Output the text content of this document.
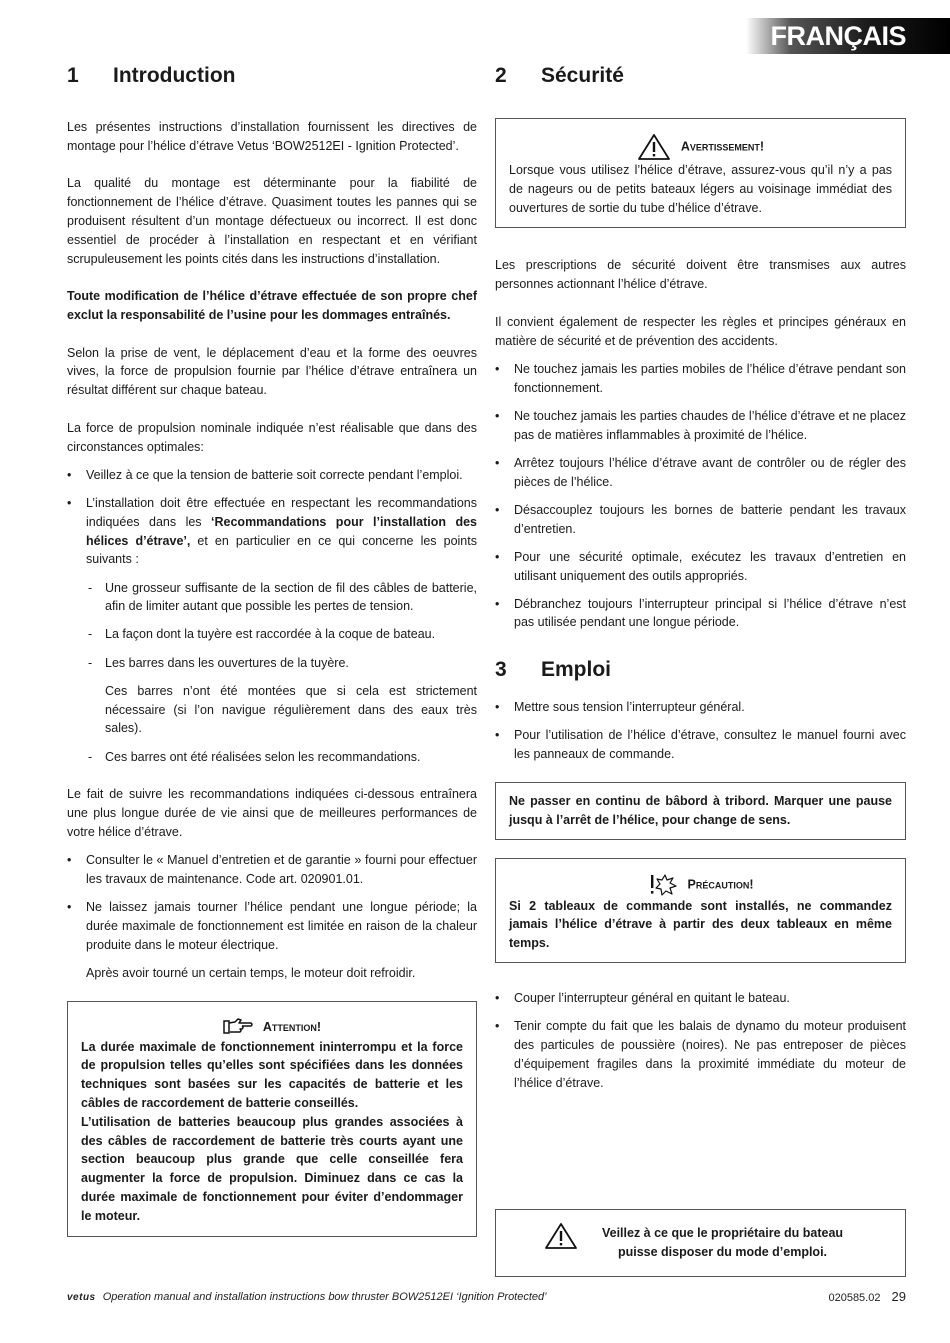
FRANÇAIS
1	Introduction

Les présentes instructions d’installation fournissent les directives de montage pour l’hélice d’étrave Vetus ‘BOW2512EI - Ignition Protected’.

La qualité du montage est déterminante pour la fiabilité de fonctionnement de l’hélice d’étrave. Quasiment toutes les pannes qui se produisent résultent d’un montage défectueux ou incorrect. Il est donc essentiel de procéder à l’installation en respectant et en vérifiant scrupuleusement les points cités dans les instructions d’installation.

Toute modification de l’hélice d’étrave effectuée de son propre chef exclut la responsabilité de l’usine pour les dommages entraînés.

Selon la prise de vent, le déplacement d’eau et la forme des oeuvres vives, la force de propulsion fournie par l’hélice d’étrave entraînera un résultat différent sur chaque bateau.

La force de propulsion nominale indiquée n’est réalisable que dans des circonstances optimales:

• Veillez à ce que la tension de batterie soit correcte pendant l’emploi.
• L’installation doit être effectuée en respectant les recommandations indiquées dans les ‘Recommandations pour l’installation des hélices d’étrave’, et en particulier en ce qui concerne les points suivants :
- Une grosseur suffisante de la section de fil des câbles de batterie, afin de limiter autant que possible les pertes de tension.
- La façon dont la tuyère est raccordée à la coque de bateau.
- Les barres dans les ouvertures de la tuyère.

Ces barres n’ont été montées que si cela est strictement nécessaire (si l’on navigue régulièrement dans des eaux très sales).

- Ces barres ont été réalisées selon les recommandations.

Le fait de suivre les recommandations indiquées ci-dessous entraînera une plus longue durée de vie ainsi que de meilleures performances de votre hélice d’étrave.

• Consulter le « Manuel d’entretien et de garantie » fourni pour effectuer les travaux de maintenance. Code art. 020901.01.
• Ne laissez jamais tourner l’hélice pendant une longue période; la durée maximale de fonctionnement est limitée en raison de la chaleur produite dans le moteur électrique.

Après avoir tourné un certain temps, le moteur doit refroidir.

Attention!
La durée maximale de fonctionnement ininterrompu et la force de propulsion telles qu’elles sont spécifiées dans les données techniques sont basées sur les capacités de batterie et les câbles de raccordement de batterie conseillés.
L’utilisation de batteries beaucoup plus grandes associées à des câbles de raccordement de batterie très courts ayant une section beaucoup plus grande que celle conseillée fera augmenter la force de propulsion. Diminuez dans ce cas la durée maximale de fonctionnement pour éviter d’endommager le moteur.
2	Sécurité
Avertissement!
Lorsque vous utilisez l’hélice d’étrave, assurez-vous qu’il n’y a pas de nageurs ou de petits bateaux légers au voisinage immédiat des ouvertures de sortie du tube d’hélice d’étrave.

Les prescriptions de sécurité doivent être transmises aux autres personnes actionnant l’hélice d’étrave.

Il convient également de respecter les règles et principes généraux en matière de sécurité et de prévention des accidents.

• Ne touchez jamais les parties mobiles de l’hélice d’étrave pendant son fonctionnement.
• Ne touchez jamais les parties chaudes de l’hélice d’étrave et ne placez pas de matières inflammables à proximité de l’hélice.
• Arrêtez toujours l’hélice d’étrave avant de contrôler ou de régler des pièces de l’hélice.
• Désaccouplez toujours les bornes de batterie pendant les travaux d’entretien.
• Pour une sécurité optimale, exécutez les travaux d’entretien en utilisant uniquement des outils appropriés.
• Débranchez toujours l’interrupteur principal si l’hélice d’étrave n’est pas utilisée pendant une longue période.
3	Emploi
• Mettre sous tension l’interrupteur général.
• Pour l’utilisation de l’hélice d’étrave, consultez le manuel fourni avec les panneaux de commande.
Ne passer en continu de bâbord à tribord. Marquer une pause jusqu à l’arrêt de l’hélice, pour change de sens.
Précaution!
Si 2 tableaux de commande sont installés, ne commandez jamais l’hélice d’étrave à partir des deux tableaux en même temps.
• Couper l’interrupteur général en quitant le bateau.
• Tenir compte du fait que les balais de dynamo du moteur produisent des particules de poussière (noires). Ne pas entreposer de pièces d’équipement fragiles dans la proximité immédiate du moteur de l’hélice d’étrave.
Veillez à ce que le propriétaire du bateau puisse disposer du mode d’emploi.
vetus Operation manual and installation instructions bow thruster BOW2512EI ‘Ignition Protected’	020585.02 29
